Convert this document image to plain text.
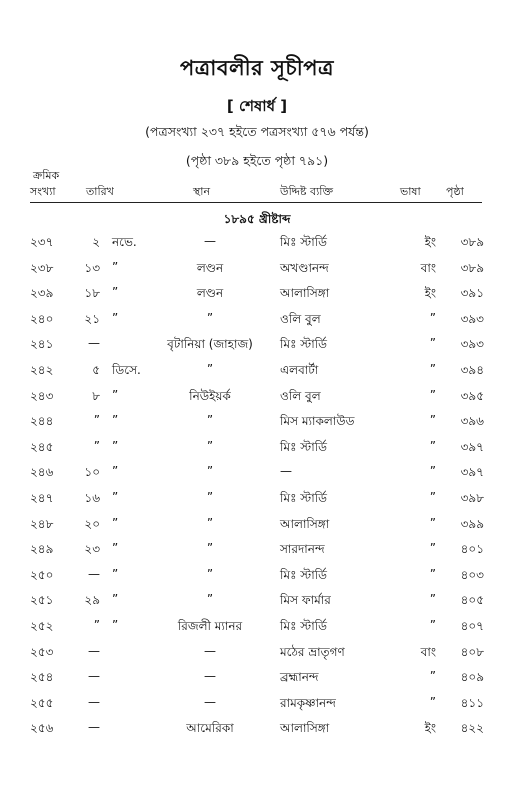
পত্রাবলীর সূচীপত্র
[ শেষার্ধ ]
(পত্রসংখ্যা ২৩৭ হইতে পত্রসংখ্যা ৫৭৬ পর্যন্ত)
(পৃষ্ঠা ৩৮৯ হইতে পৃষ্ঠা ৭৯১)
ক্রমিক
সংখ্যা	তারিখ	স্থান	উদ্দিষ্ট ব্যক্তি	ভাষা পৃষ্ঠা
১৮৯৫ খ্রীষ্টাব্দ
২৩৭	২ নভে.	—	মিঃ স্টার্ডি	ইং	৩৮৯
২৩৮	১৩ ”	লণ্ডন	অখণ্ডানন্দ	বাং	৩৮৯
২৩৯	১৮ ”	লণ্ডন	আলাসিঙ্গা	ইং	৩৯১
২৪০	২১ ”	”	ওলি বুল	”	৩৯৩
২৪১	—	বৃটানিয়া (জাহাজ)	মিঃ স্টার্ডি	”	৩৯৩
২৪২	৫ ডিসে.	”	এলবার্টা	”	৩৯৪
২৪৩	৮ ”	নিউইয়র্ক	ওলি বুল	”	৩৯৫
২৪৪	” ”	”	মিস ম্যাকলাউড	”	৩৯৬
২৪৫	” ”	”	মিঃ স্টার্ডি	”	৩৯৭
২৪৬	১০ ”	”	—	”	৩৯৭
২৪৭	১৬ ”	”	মিঃ স্টার্ডি	”	৩৯৮
২৪৮	২০ ”	”	আলাসিঙ্গা	”	৩৯৯
২৪৯	২৩ ”	”	সারদানন্দ	”	৪০১
২৫০	— ”	”	মিঃ স্টার্ডি	”	৪০৩
২৫১	২৯ ”	”	মিস ফার্মার	”	৪০৫
২৫২	” ”	রিজলী ম্যানর	মিঃ স্টার্ডি	”	৪০৭
২৫৩	—	—	মঠের ভ্রাতৃগণ	বাং	৪০৮
২৫৪	—	—	ব্রহ্মানন্দ	”	৪০৯
২৫৫	—	—	রামকৃষ্ণানন্দ	”	৪১১
২৫৬	—	আমেরিকা	আলাসিঙ্গা	ইং	৪২২
